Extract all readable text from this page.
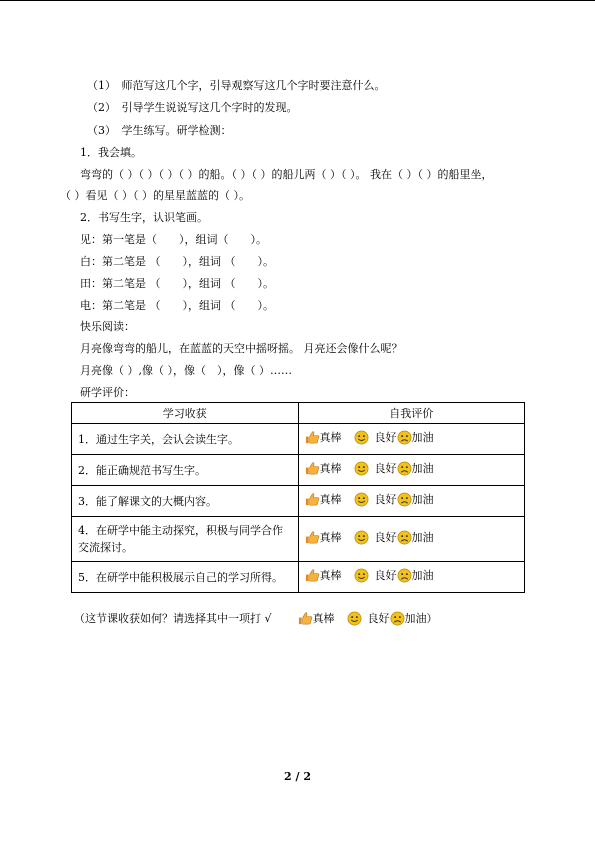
（1）　师范写这几个字，引导观察写这几个字时要注意什么。
（2）　引导学生说说写这几个字时的发现。
（3）　学生练写。研学检测：
1．我会填。
弯弯的（ ）（ ）（ ）（ ）的船。（ ）（ ）的船儿两（ ）（ ）。 我在（ ）（ ）的船里坐，
（ ）看见（ ）（ ）的星星蓝蓝的（ ）。
2．书写生字，认识笔画。
见：第一笔是（　　），组词（　　）。
白：第二笔是 （　　），组词 （　　）。
田：第二笔是 （　　），组词 （　　）。
电：第二笔是 （　　），组词 （　　）。
快乐阅读：
月亮像弯弯的船儿，在蓝蓝的天空中摇呀摇。 月亮还会像什么呢？
月亮像（ ）,像（ ），像（　），像（ ）……
研学评价：
学习收获	自我评价
1．通过生字关，会认会读生字。	真棒 良好 加油

2．能正确规范书写生字。	真棒 良好 加油

3．能了解课文的大概内容。	真棒 良好 加油

4．在研学中能主动探究，积极与同学合作交流探讨。	真棒 良好 加油

5．在研学中能积极展示自己的学习所得。	真棒 良好 加油
（这节课收获如何？请选择其中一项打 √	真棒	良好 加油 ）
2 / 2
